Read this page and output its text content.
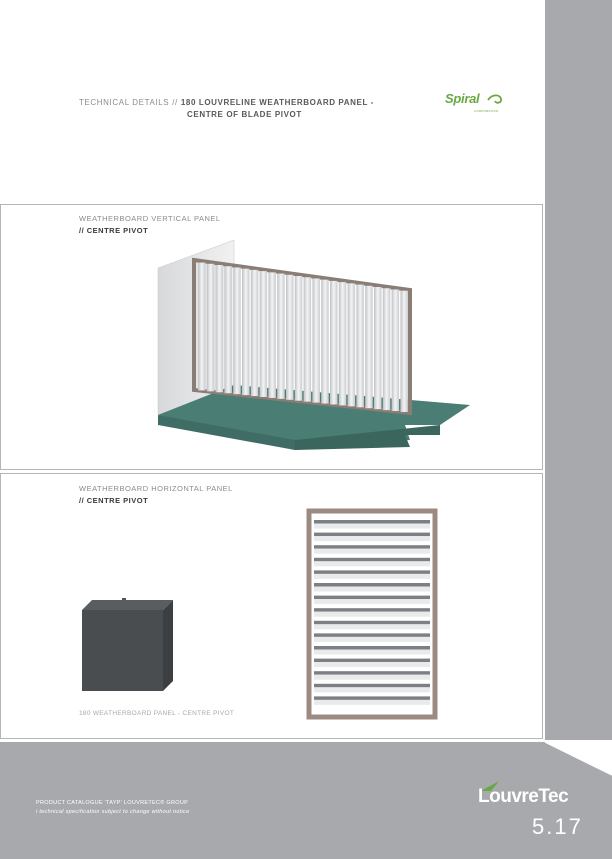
TECHNICAL DETAILS // 180 LOUVRELINE WEATHERBOARD PANEL -
CENTRE OF BLADE PIVOT
Spiral
CORPORATION
WEATHERBOARD VERTICAL PANEL
// CENTRE PIVOT
WEATHERBOARD HORIZONTAL PANEL
// CENTRE PIVOT
180 WEATHERBOARD PANEL - CENTRE PIVOT
PRODUCT CATALOGUE 'TAYP' LOUVRETEC® GROUP
i technical specification subject to change without notice
LouvreTec
5.17
